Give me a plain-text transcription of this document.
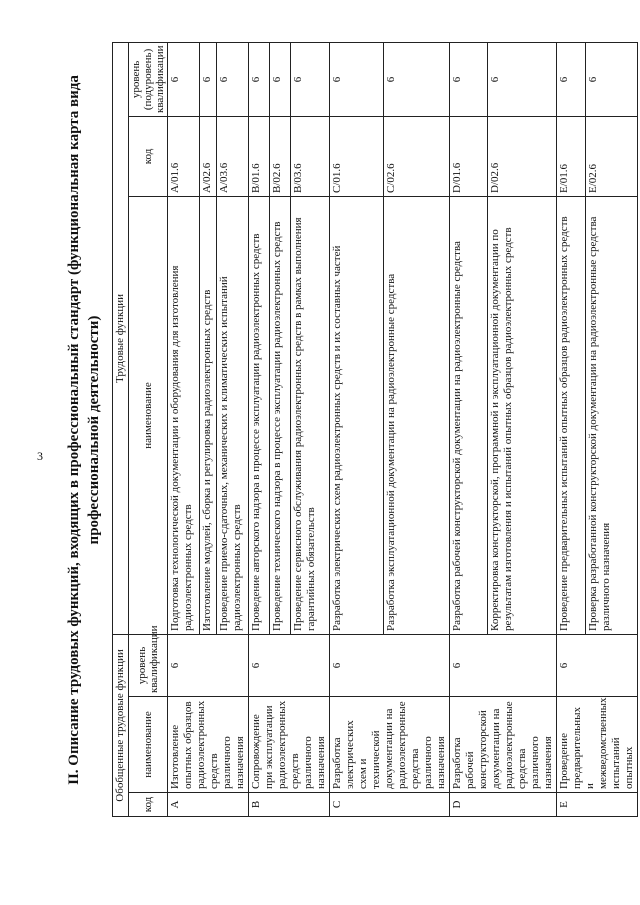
3 II. Описание трудовых функций, входящих в профессиональный стандарт (функциональная карта вида профессиональной деятельности)
Обобщенные трудовые функции			Трудовые функции		
код	наименование	уровень квалификации	наименование	код	уровень (подуровень) квалификации
A	Изготовление опытных образцов радиоэлектронных средств различного назначения	6	Подготовка технологической документации и оборудования для изготовления радиоэлектронных средств	A/01.6	6
			Изготовление модулей, сборка и регулировка радиоэлектронных средств	A/02.6	6
			Проведение приемо-сдаточных, механических и климатических испытаний радиоэлектронных средств	A/03.6	6
B	Сопровождение при эксплуатации радиоэлектронных средств различного назначения	6	Проведение авторского надзора в процессе эксплуатации радиоэлектронных средств	B/01.6	6
			Проведение технического надзора в процессе эксплуатации радиоэлектронных средств	B/02.6	6
			Проведение сервисного обслуживания радиоэлектронных средств в рамках выполнения гарантийных обязательств	B/03.6	6
C	Разработка электрических схем и технической документации на радиоэлектронные средства различного назначения	6	Разработка электрических схем радиоэлектронных средств и их составных частей	C/01.6	6
			Разработка эксплуатационной документации на радиоэлектронные средства	C/02.6	6
D	Разработка рабочей конструкторской документации на радиоэлектронные средства различного назначения	6	Разработка рабочей конструкторской документации на радиоэлектронные средства	D/01.6	6
			Корректировка конструкторской, программной и эксплуатационной документации по результатам изготовления и испытаний опытных образцов радиоэлектронных средств	D/02.6	6
E	Проведение предварительных и межведомственных испытаний опытных	6	Проведение предварительных испытаний опытных образцов радиоэлектронных средств	E/01.6	6
			Проверка разработанной конструкторской документации на радиоэлектронные средства различного назначения	E/02.6	6
